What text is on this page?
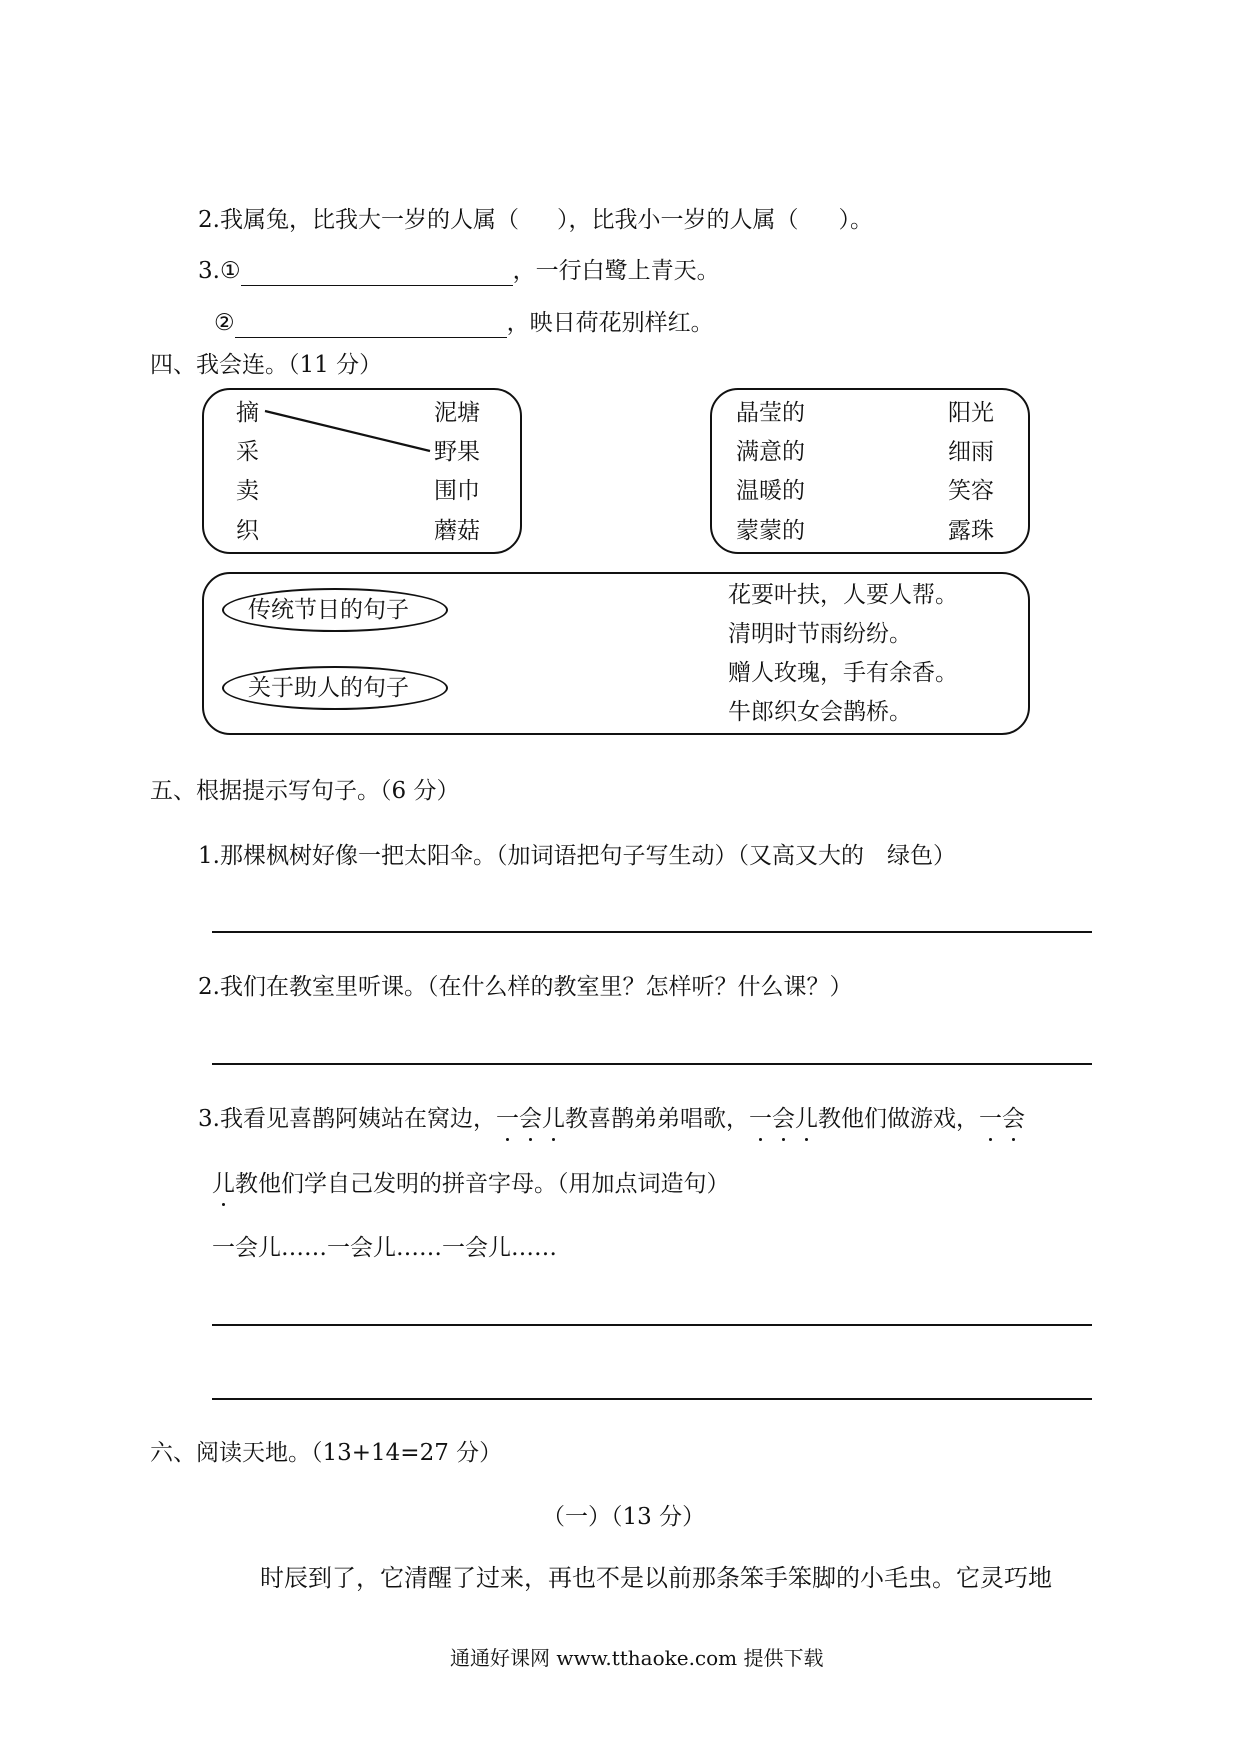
2.我属兔，比我大一岁的人属（ ），比我小一岁的人属（ ）。
3.①	，一行白鹭上青天。
②	，映日荷花别样红。
四、我会连。（11 分）
摘
采
卖
织
泥塘
野果
围巾
蘑菇
晶莹的
满意的
温暖的
蒙蒙的
阳光
细雨
笑容
露珠
传统节日的句子
关于助人的句子
花要叶扶，人要人帮。
清明时节雨纷纷。
赠人玫瑰，手有余香。
牛郎织女会鹊桥。
五、根据提示写句子。（6 分）
1.那棵枫树好像一把太阳伞。（加词语把句子写生动）（又高又大的　绿色）
2.我们在教室里听课。（在什么样的教室里？怎样听？什么课？）
3.我看见喜鹊阿姨站在窝边，一会儿教喜鹊弟弟唱歌，一会儿教他们做游戏，一会
儿教他们学自己发明的拼音字母。（用加点词造句）
一会儿……一会儿……一会儿……
六、阅读天地。（13+14=27 分）
（一）（13 分）
时辰到了，它清醒了过来，再也不是以前那条笨手笨脚的小毛虫。它灵巧地
通通好课网 www.tthaoke.com 提供下载
